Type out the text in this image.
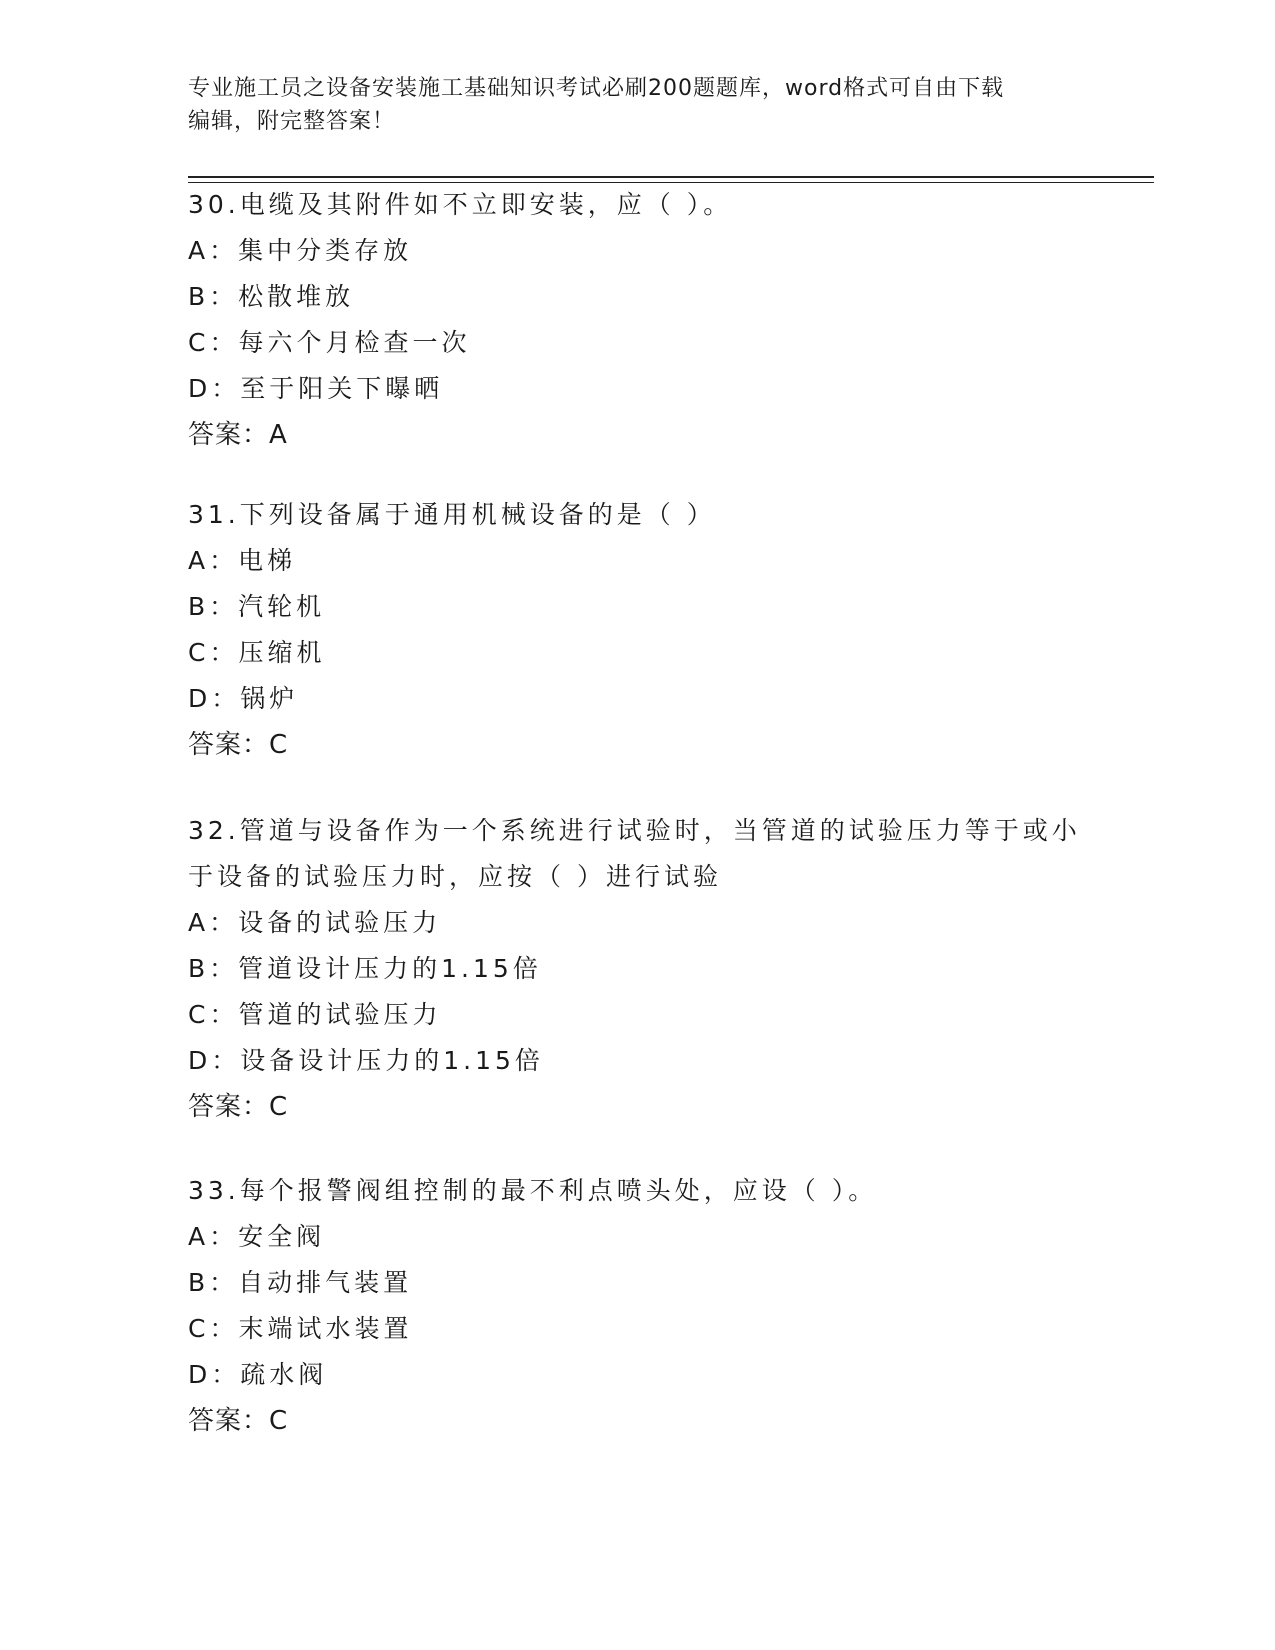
专业施工员之设备安装施工基础知识考试必刷200题题库，word格式可自由下载
编辑，附完整答案！
30.电缆及其附件如不立即安装，应（ ）。
A：集中分类存放
B：松散堆放
C：每六个月检查一次
D：至于阳关下曝晒
答案：A
31.下列设备属于通用机械设备的是（ ）
A：电梯
B：汽轮机
C：压缩机
D：锅炉
答案：C
32.管道与设备作为一个系统进行试验时，当管道的试验压力等于或小于设备的试验压力时，应按（ ）进行试验
A：设备的试验压力
B：管道设计压力的1.15倍
C：管道的试验压力
D：设备设计压力的1.15倍
答案：C
33.每个报警阀组控制的最不利点喷头处，应设（ ）。
A：安全阀
B：自动排气装置
C：末端试水装置
D：疏水阀
答案：C
